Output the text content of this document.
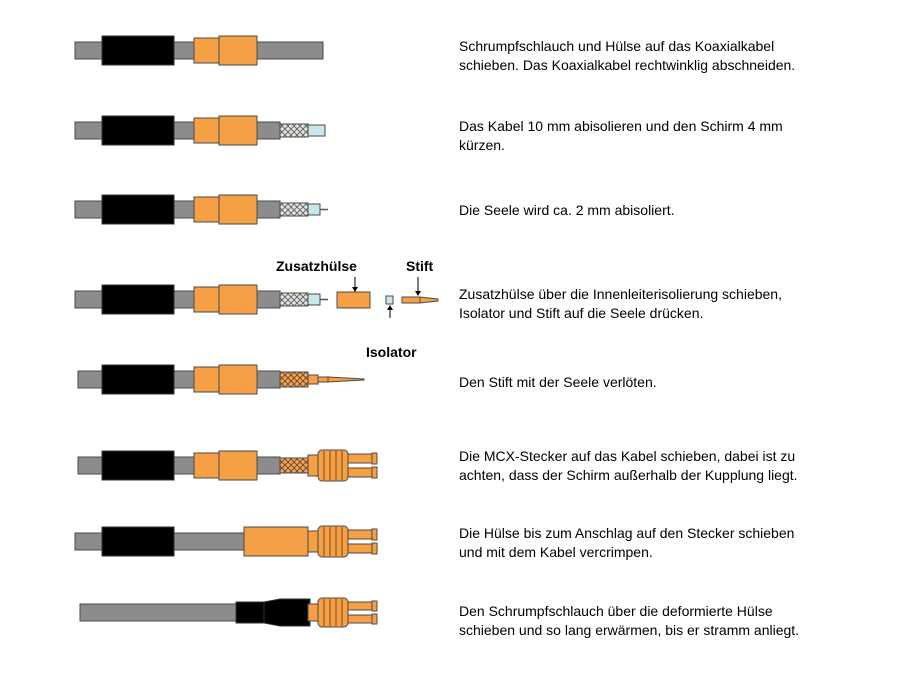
Zusatzhülse	Stift
Isolator

Schrumpfschlauch und Hülse auf das Koaxialkabel
schieben. Das Koaxialkabel rechtwinklig abschneiden.

Das Kabel 10 mm abisolieren und den Schirm 4 mm
kürzen.

Die Seele wird ca. 2 mm abisoliert.

Zusatzhülse über die Innenleiterisolierung schieben,
Isolator und Stift auf die Seele drücken.

Den Stift mit der Seele verlöten.

Die MCX-Stecker auf das Kabel schieben, dabei ist zu
achten, dass der Schirm außerhalb der Kupplung liegt.

Die Hülse bis zum Anschlag auf den Stecker schieben
und mit dem Kabel vercrimpen.

Den Schrumpfschlauch über die deformierte Hülse
schieben und so lang erwärmen, bis er stramm anliegt.
